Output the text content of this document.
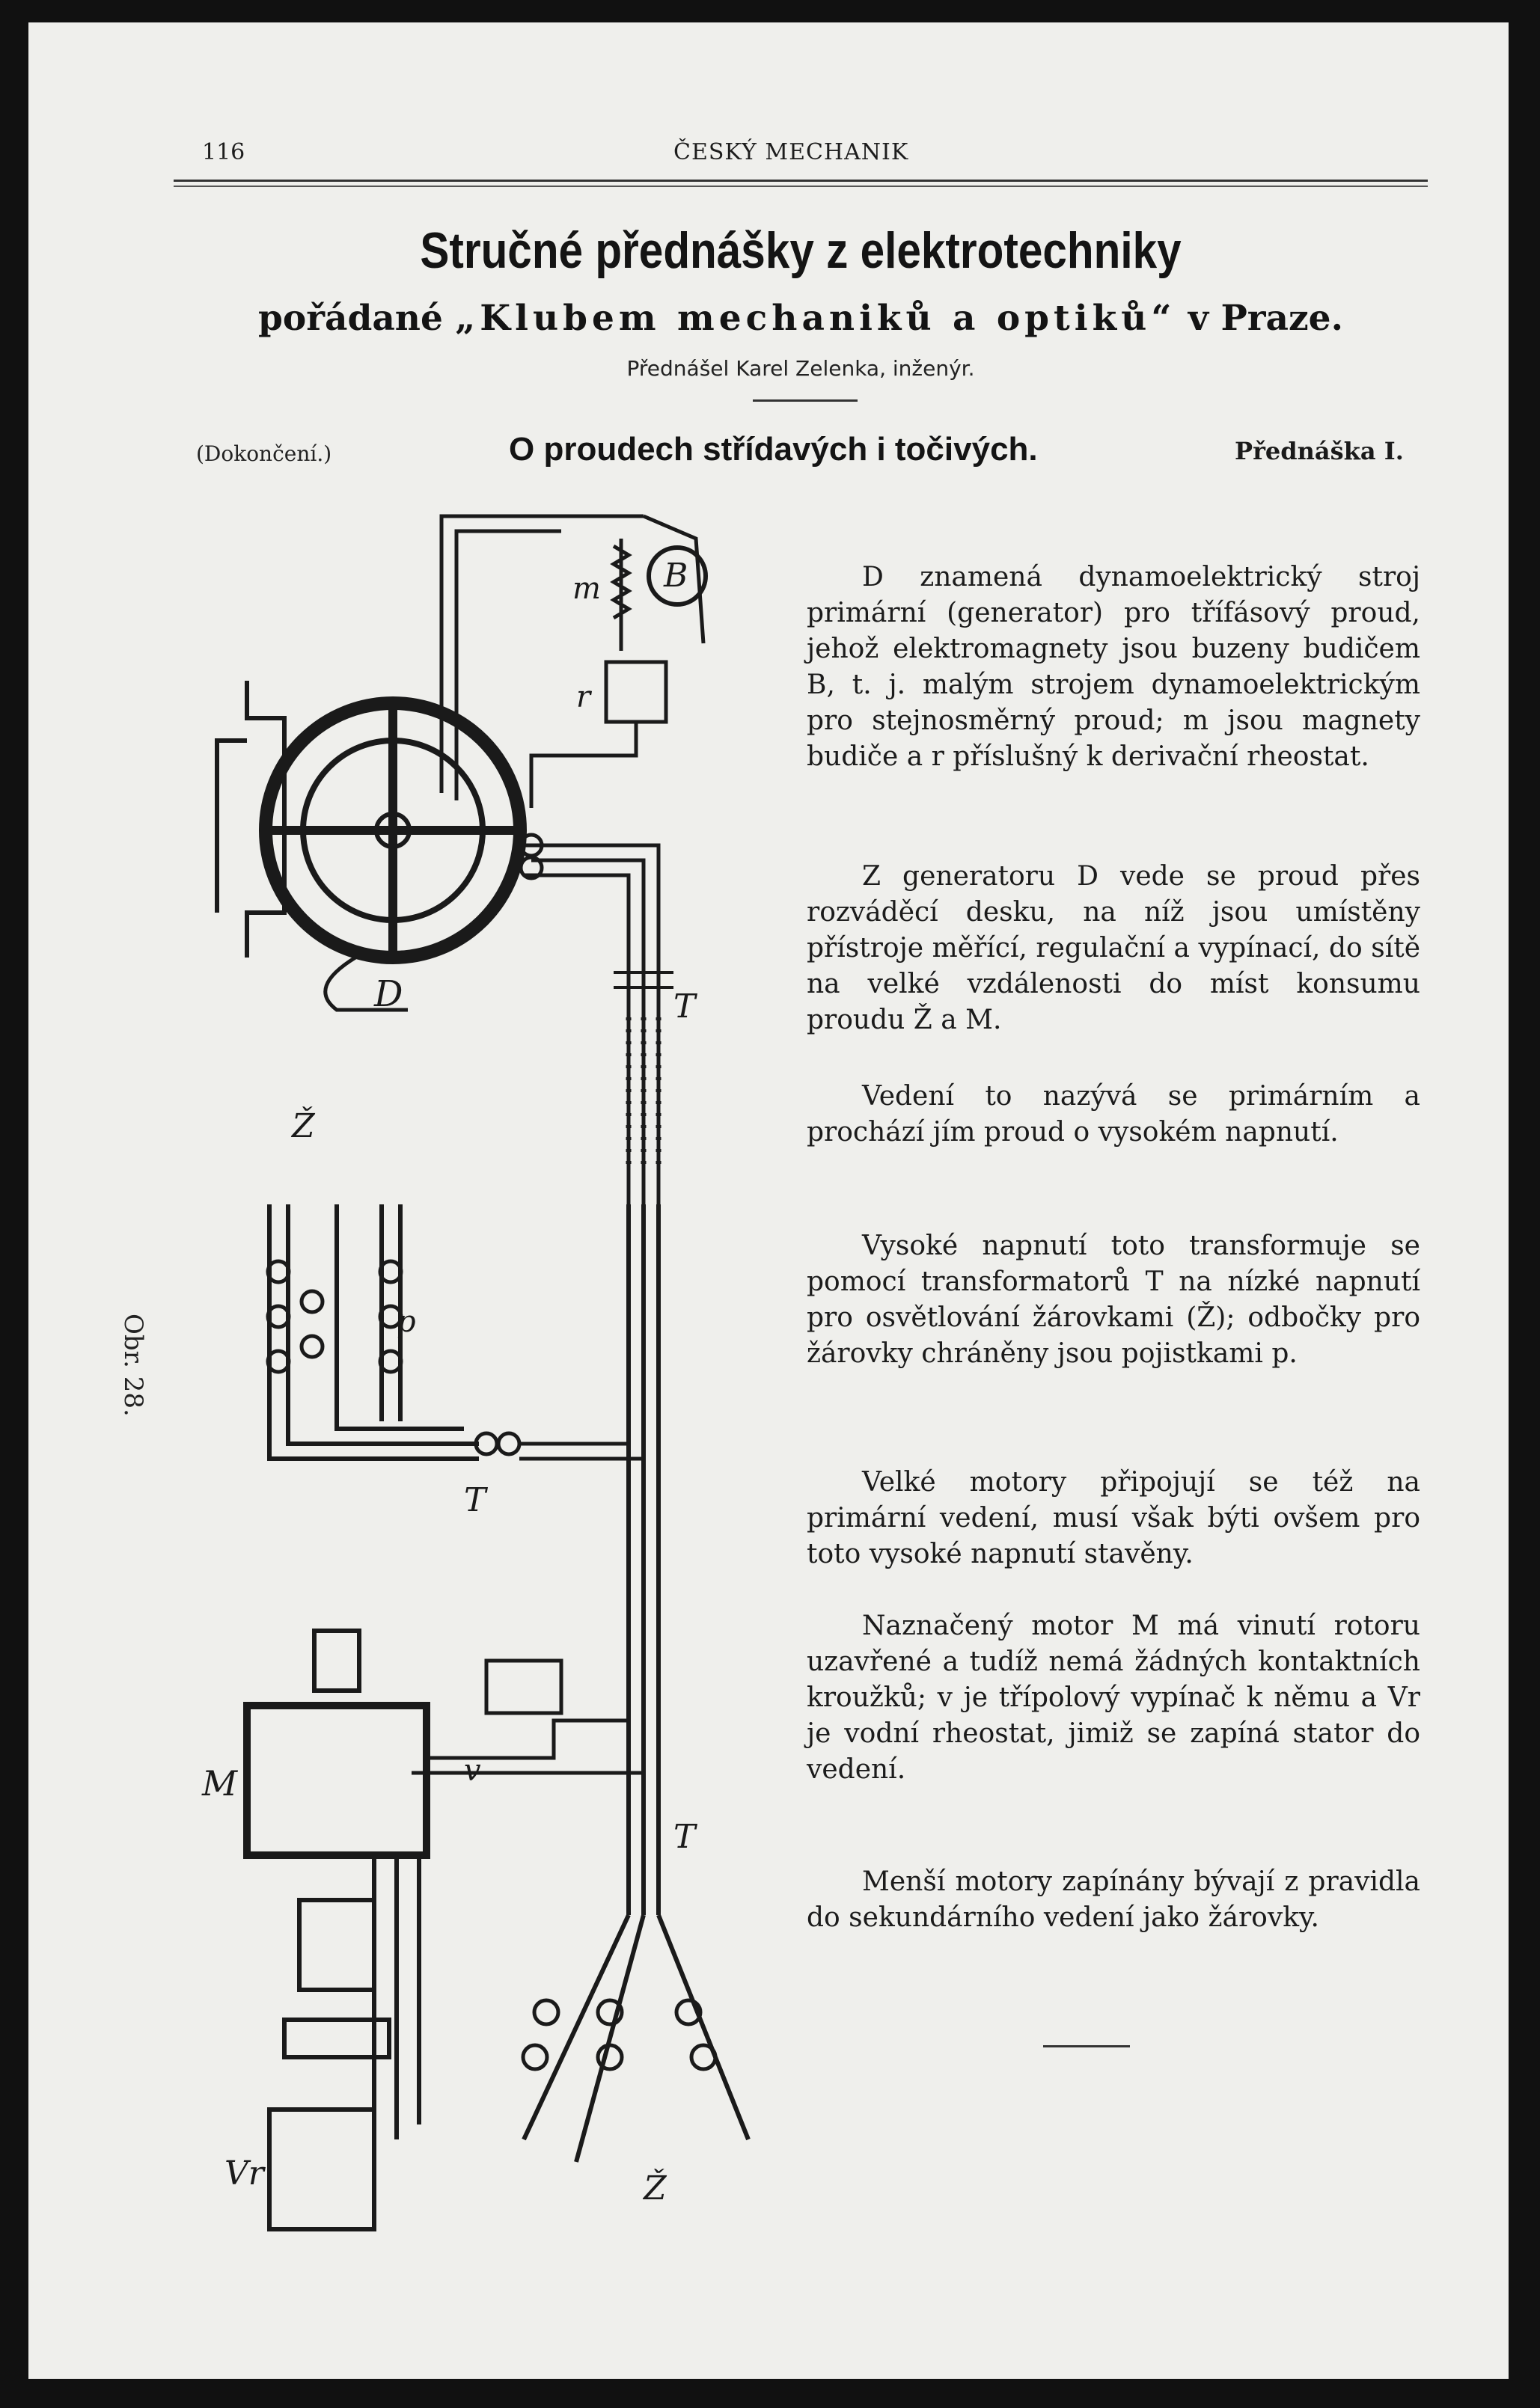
116	ČESKÝ MECHANIK
Stručné přednášky z elektrotechniky
pořádané „Klubem mechaniků a optiků“ v Praze.
Přednášel Karel Zelenka, inženýr.
(Dokončení.)	O proudech střídavých i točivých.	Přednáška I.

D znamená dynamoelektrický stroj primární (generator) pro třífásový proud, jehož elektromagnety jsou buzeny budičem B, t. j. malým strojem dynamoelektrickým pro stejnosměrný proud; m jsou magnety budiče a r příslušný k derivační rheostat.

Z generatoru D vede se proud přes rozváděcí desku, na níž jsou umístěny přístroje měřící, regulační a vypínací, do sítě na velké vzdálenosti do míst konsumu proudu Ž a M.

Vedení to nazývá se primárním a prochází jím proud o vysokém napnutí.

Vysoké napnutí toto transformuje se pomocí transformatorů T na nízké napnutí pro osvětlování žárovkami (Ž); odbočky pro žárovky chráněny jsou pojistkami p.

Velké motory připojují se též na primární vedení, musí však býti ovšem pro toto vysoké napnutí stavěny.

Naznačený motor M má vinutí rotoru uzavřené a tudíž nemá žádných kontaktních kroužků; v je třípolový vypínač k němu a Vr je vodní rheostat, jimiž se zapíná stator do vedení.

Menší motory zapínány bývají z pravidla do sekundárního vedení jako žárovky.

Obr. 28.
D
B
m
r
T
Ž
p
T
M	v
Vr
T
Ž
